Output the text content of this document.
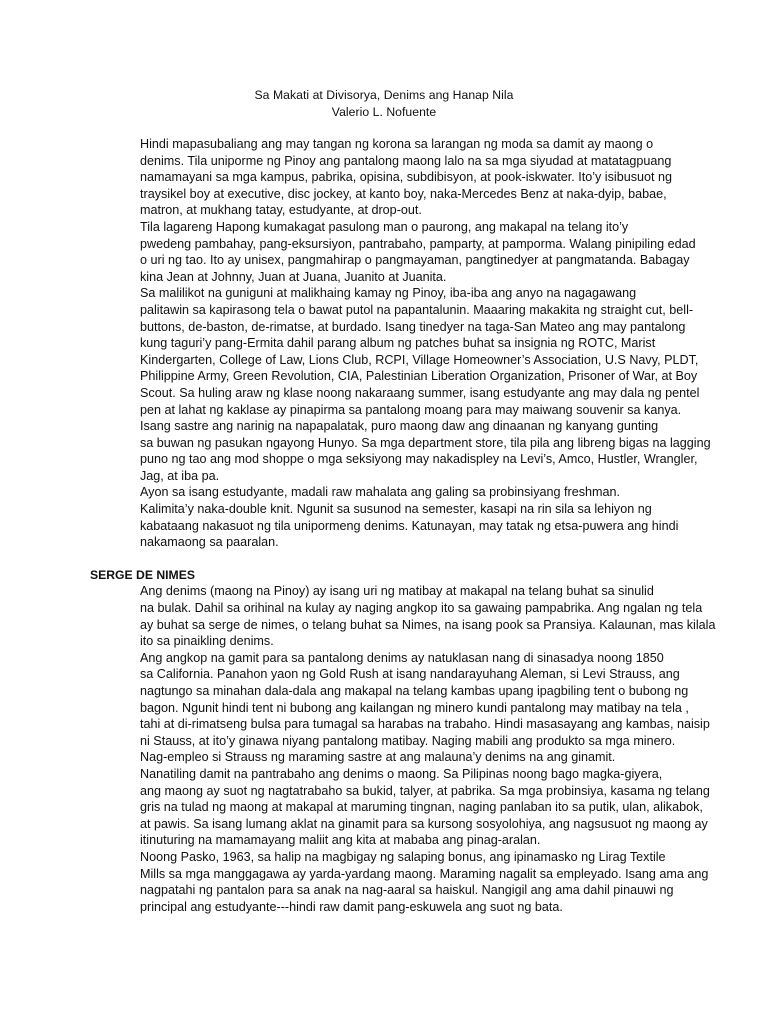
Sa Makati at Divisorya, Denims ang Hanap Nila
Valerio L. Nofuente
Hindi mapasubaliang ang may tangan ng korona sa larangan ng moda sa damit ay maong o
denims. Tila uniporme ng Pinoy ang pantalong maong lalo na sa mga siyudad at matatagpuang
namamayani sa mga kampus, pabrika, opisina, subdibisyon, at pook-iskwater. Ito’y isibusuot ng
traysikel boy at executive, disc jockey, at kanto boy, naka-Mercedes Benz at naka-dyip, babae,
matron, at mukhang tatay, estudyante, at drop-out.
Tila lagareng Hapong kumakagat pasulong man o paurong, ang makapal na telang ito’y
pwedeng pambahay, pang-eksursiyon, pantrabaho, pamparty, at pamporma. Walang pinipiling edad
o uri ng tao. Ito ay unisex, pangmahirap o pangmayaman, pangtinedyer at pangmatanda. Babagay
kina Jean at Johnny, Juan at Juana, Juanito at Juanita.
Sa malilikot na guniguni at malikhaing kamay ng Pinoy, iba-iba ang anyo na nagagawang
palitawin sa kapirasong tela o bawat putol na papantalunin. Maaaring makakita ng straight cut, bell-
buttons, de-baston, de-rimatse, at burdado. Isang tinedyer na taga-San Mateo ang may pantalong
kung taguri’y pang-Ermita dahil parang album ng patches buhat sa insignia ng ROTC, Marist
Kindergarten, College of Law, Lions Club, RCPI, Village Homeowner’s Association, U.S Navy, PLDT,
Philippine Army, Green Revolution, CIA, Palestinian Liberation Organization, Prisoner of War, at Boy
Scout. Sa huling araw ng klase noong nakaraang summer, isang estudyante ang may dala ng pentel
pen at lahat ng kaklase ay pinapirma sa pantalong moang para may maiwang souvenir sa kanya.
Isang sastre ang narinig na napapalatak, puro maong daw ang dinaanan ng kanyang gunting
sa buwan ng pasukan ngayong Hunyo. Sa mga department store, tila pila ang libreng bigas na lagging
puno ng tao ang mod shoppe o mga seksiyong may nakadispley na Levi’s, Amco, Hustler, Wrangler,
Jag, at iba pa.
Ayon sa isang estudyante, madali raw mahalata ang galing sa probinsiyang freshman.
Kalimita’y naka-double knit. Ngunit sa susunod na semester, kasapi na rin sila sa lehiyon ng
kabataang nakasuot ng tila unipormeng denims. Katunayan, may tatak ng etsa-puwera ang hindi
nakamaong sa paaralan.
SERGE DE NIMES
Ang denims (maong na Pinoy) ay isang uri ng matibay at makapal na telang buhat sa sinulid
na bulak. Dahil sa orihinal na kulay ay naging angkop ito sa gawaing pampabrika. Ang ngalan ng tela
ay buhat sa serge de nimes, o telang buhat sa Nimes, na isang pook sa Pransiya. Kalaunan, mas kilala
ito sa pinaikling denims.
Ang angkop na gamit para sa pantalong denims ay natuklasan nang di sinasadya noong 1850
sa California. Panahon yaon ng Gold Rush at isang nandarayuhang Aleman, si Levi Strauss, ang
nagtungo sa minahan dala-dala ang makapal na telang kambas upang ipagbiling tent o bubong ng
bagon. Ngunit hindi tent ni bubong ang kailangan ng minero kundi pantalong may matibay na tela ,
tahi at di-rimatseng bulsa para tumagal sa harabas na trabaho. Hindi masasayang ang kambas, naisip
ni Stauss, at ito’y ginawa niyang pantalong matibay. Naging mabili ang produkto sa mga minero.
Nag-empleo si Strauss ng maraming sastre at ang malauna’y denims na ang ginamit.
Nanatiling damit na pantrabaho ang denims o maong. Sa Pilipinas noong bago magka-giyera,
ang maong ay suot ng nagtatrabaho sa bukid, talyer, at pabrika. Sa mga probinsiya, kasama ng telang
gris na tulad ng maong at makapal at maruming tingnan, naging panlaban ito sa putik, ulan, alikabok,
at pawis. Sa isang lumang aklat na ginamit para sa kursong sosyolohiya, ang nagsusuot ng maong ay
itinuturing na mamamayang maliit ang kita at mababa ang pinag-aralan.
Noong Pasko, 1963, sa halip na magbigay ng salaping bonus, ang ipinamasko ng Lirag Textile
Mills sa mga manggagawa ay yarda-yardang maong. Maraming nagalit sa empleyado. Isang ama ang
nagpatahi ng pantalon para sa anak na nag-aaral sa haiskul. Nangigil ang ama dahil pinauwi ng
principal ang estudyante---hindi raw damit pang-eskuwela ang suot ng bata.
